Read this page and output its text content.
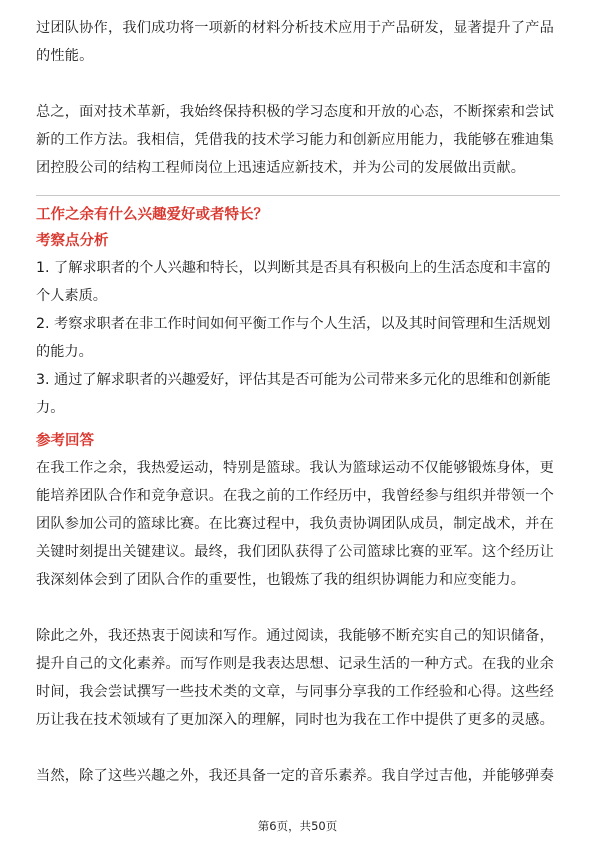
过团队协作，我们成功将一项新的材料分析技术应用于产品研发，显著提升了产品的性能。

总之，面对技术革新，我始终保持积极的学习态度和开放的心态，不断探索和尝试新的工作方法。我相信，凭借我的技术学习能力和创新应用能力，我能够在雅迪集团控股公司的结构工程师岗位上迅速适应新技术，并为公司的发展做出贡献。

工作之余有什么兴趣爱好或者特长？
考察点分析
1. 了解求职者的个人兴趣和特长，以判断其是否具有积极向上的生活态度和丰富的个人素质。
2. 考察求职者在非工作时间如何平衡工作与个人生活，以及其时间管理和生活规划的能力。
3. 通过了解求职者的兴趣爱好，评估其是否可能为公司带来多元化的思维和创新能力。
参考回答

在我工作之余，我热爱运动，特别是篮球。我认为篮球运动不仅能够锻炼身体，更能培养团队合作和竞争意识。在我之前的工作经历中，我曾经参与组织并带领一个团队参加公司的篮球比赛。在比赛过程中，我负责协调团队成员，制定战术，并在关键时刻提出关键建议。最终，我们团队获得了公司篮球比赛的亚军。这个经历让我深刻体会到了团队合作的重要性，也锻炼了我的组织协调能力和应变能力。

除此之外，我还热衷于阅读和写作。通过阅读，我能够不断充实自己的知识储备，提升自己的文化素养。而写作则是我表达思想、记录生活的一种方式。在我的业余时间，我会尝试撰写一些技术类的文章，与同事分享我的工作经验和心得。这些经历让我在技术领域有了更加深入的理解，同时也为我在工作中提供了更多的灵感。

当然，除了这些兴趣之外，我还具备一定的音乐素养。我自学过吉他，并能够弹奏

第6页，共50页
